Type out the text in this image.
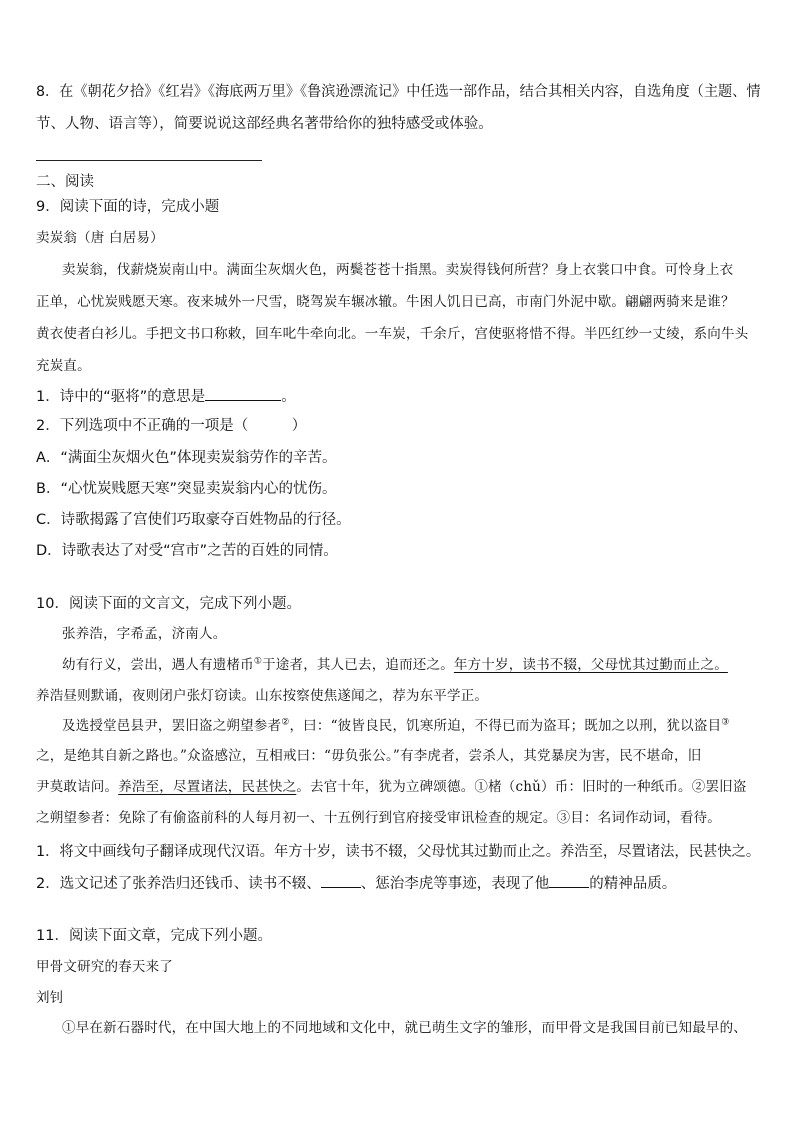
8．在《朝花夕拾》《红岩》《海底两万里》《鲁滨逊漂流记》中任选一部作品，结合其相关内容，自选角度（主题、情
节、人物、语言等），简要说说这部经典名著带给你的独特感受或体验。
二、阅读
9．阅读下面的诗，完成小题
卖炭翁（唐 白居易）
卖炭翁，伐薪烧炭南山中。满面尘灰烟火色，两鬓苍苍十指黑。卖炭得钱何所营？身上衣裳口中食。可怜身上衣
正单，心忧炭贱愿天寒。夜来城外一尺雪，晓驾炭车辗冰辙。牛困人饥日已高，市南门外泥中歇。翩翩两骑来是谁？
黄衣使者白衫儿。手把文书口称敕，回车叱牛牵向北。一车炭，千余斤，宫使驱将惜不得。半匹红纱一丈绫，系向牛头
充炭直。
1．诗中的“驱将”的意思是	。
2．下列选项中不正确的一项是（　　　）
A．“满面尘灰烟火色”体现卖炭翁劳作的辛苦。
B．“心忧炭贱愿天寒”突显卖炭翁内心的忧伤。
C．诗歌揭露了宫使们巧取豪夺百姓物品的行径。
D．诗歌表达了对受“宫市”之苦的百姓的同情。
10．阅读下面的文言文，完成下列小题。
张养浩，字希孟，济南人。
幼有行义，尝出，遇人有遗楮币①于途者，其人已去，追而还之。年方十岁，读书不辍，父母忧其过勤而止之。
养浩昼则默诵，夜则闭户张灯窃读。山东按察使焦遂闻之，荐为东平学正。
及选授堂邑县尹，罢旧盗之朔望参者②，曰：“彼皆良民，饥寒所迫，不得已而为盗耳；既加之以刑，犹以盗目③
之，是绝其自新之路也。”众盗感泣，互相戒曰：“毋负张公。”有李虎者，尝杀人，其党暴戾为害，民不堪命，旧
尹莫敢诘问。养浩至，尽置诸法，民甚快之。去官十年，犹为立碑颂德。①楮（chǔ）币：旧时的一种纸币。②罢旧盗
之朔望参者：免除了有偷盗前科的人每月初一、十五例行到官府接受审讯检查的规定。③目：名词作动词，看待。
1．将文中画线句子翻译成现代汉语。年方十岁，读书不辍，父母忧其过勤而止之。养浩至，尽置诸法，民甚快之。
2．选文记述了张养浩归还钱币、读书不辍、	、惩治李虎等事迹，表现了他	的精神品质。
11．阅读下面文章，完成下列小题。
甲骨文研究的春天来了
刘钊
①早在新石器时代，在中国大地上的不同地域和文化中，就已萌生文字的雏形，而甲骨文是我国目前已知最早的、
